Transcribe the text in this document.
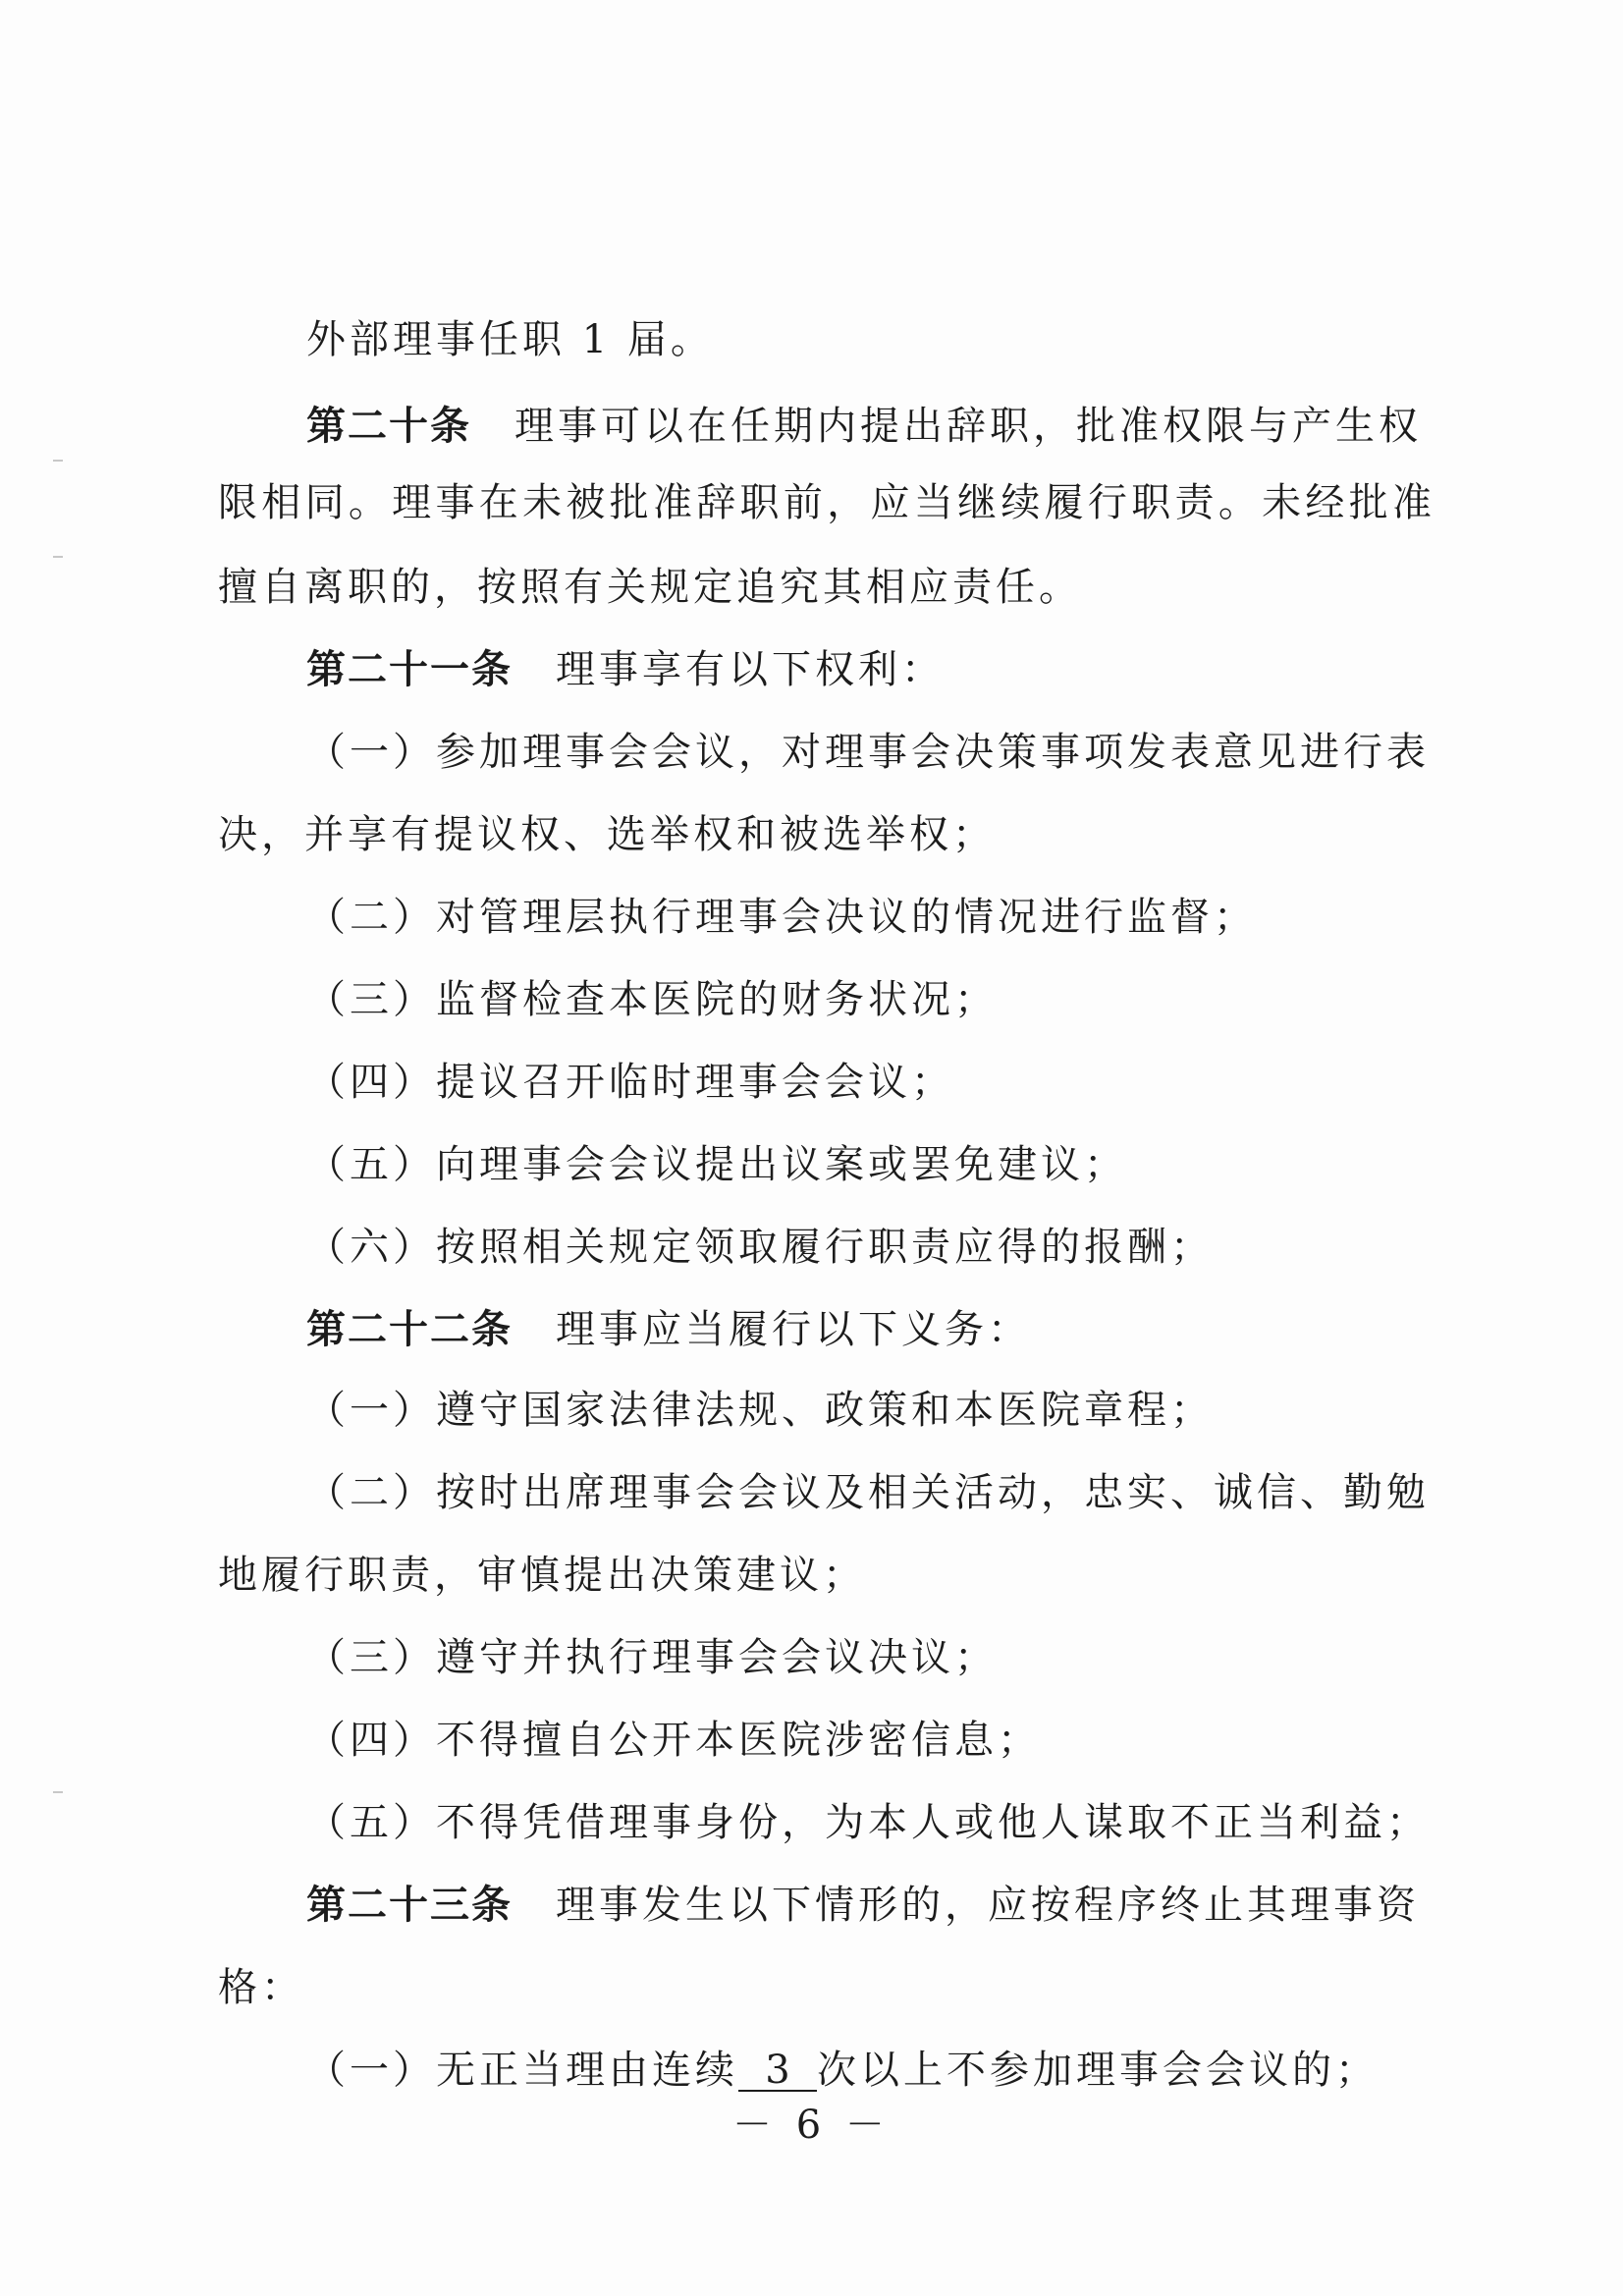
外部理事任职 1 届。
第二十条 理事可以在任期内提出辞职，批准权限与产生权
限相同。理事在未被批准辞职前，应当继续履行职责。未经批准
擅自离职的，按照有关规定追究其相应责任。
第二十一条 理事享有以下权利：
（一）参加理事会会议，对理事会决策事项发表意见进行表
决，并享有提议权、选举权和被选举权；
（二）对管理层执行理事会决议的情况进行监督；
（三）监督检查本医院的财务状况；
（四）提议召开临时理事会会议；
（五）向理事会会议提出议案或罢免建议；
（六）按照相关规定领取履行职责应得的报酬；
第二十二条 理事应当履行以下义务：
（一）遵守国家法律法规、政策和本医院章程；
（二）按时出席理事会会议及相关活动，忠实、诚信、勤勉
地履行职责，审慎提出决策建议；
（三）遵守并执行理事会会议决议；
（四）不得擅自公开本医院涉密信息；
（五）不得凭借理事身份，为本人或他人谋取不正当利益；
第二十三条 理事发生以下情形的，应按程序终止其理事资
格：
（一）无正当理由连续 3 次以上不参加理事会会议的；
－ 6 －
